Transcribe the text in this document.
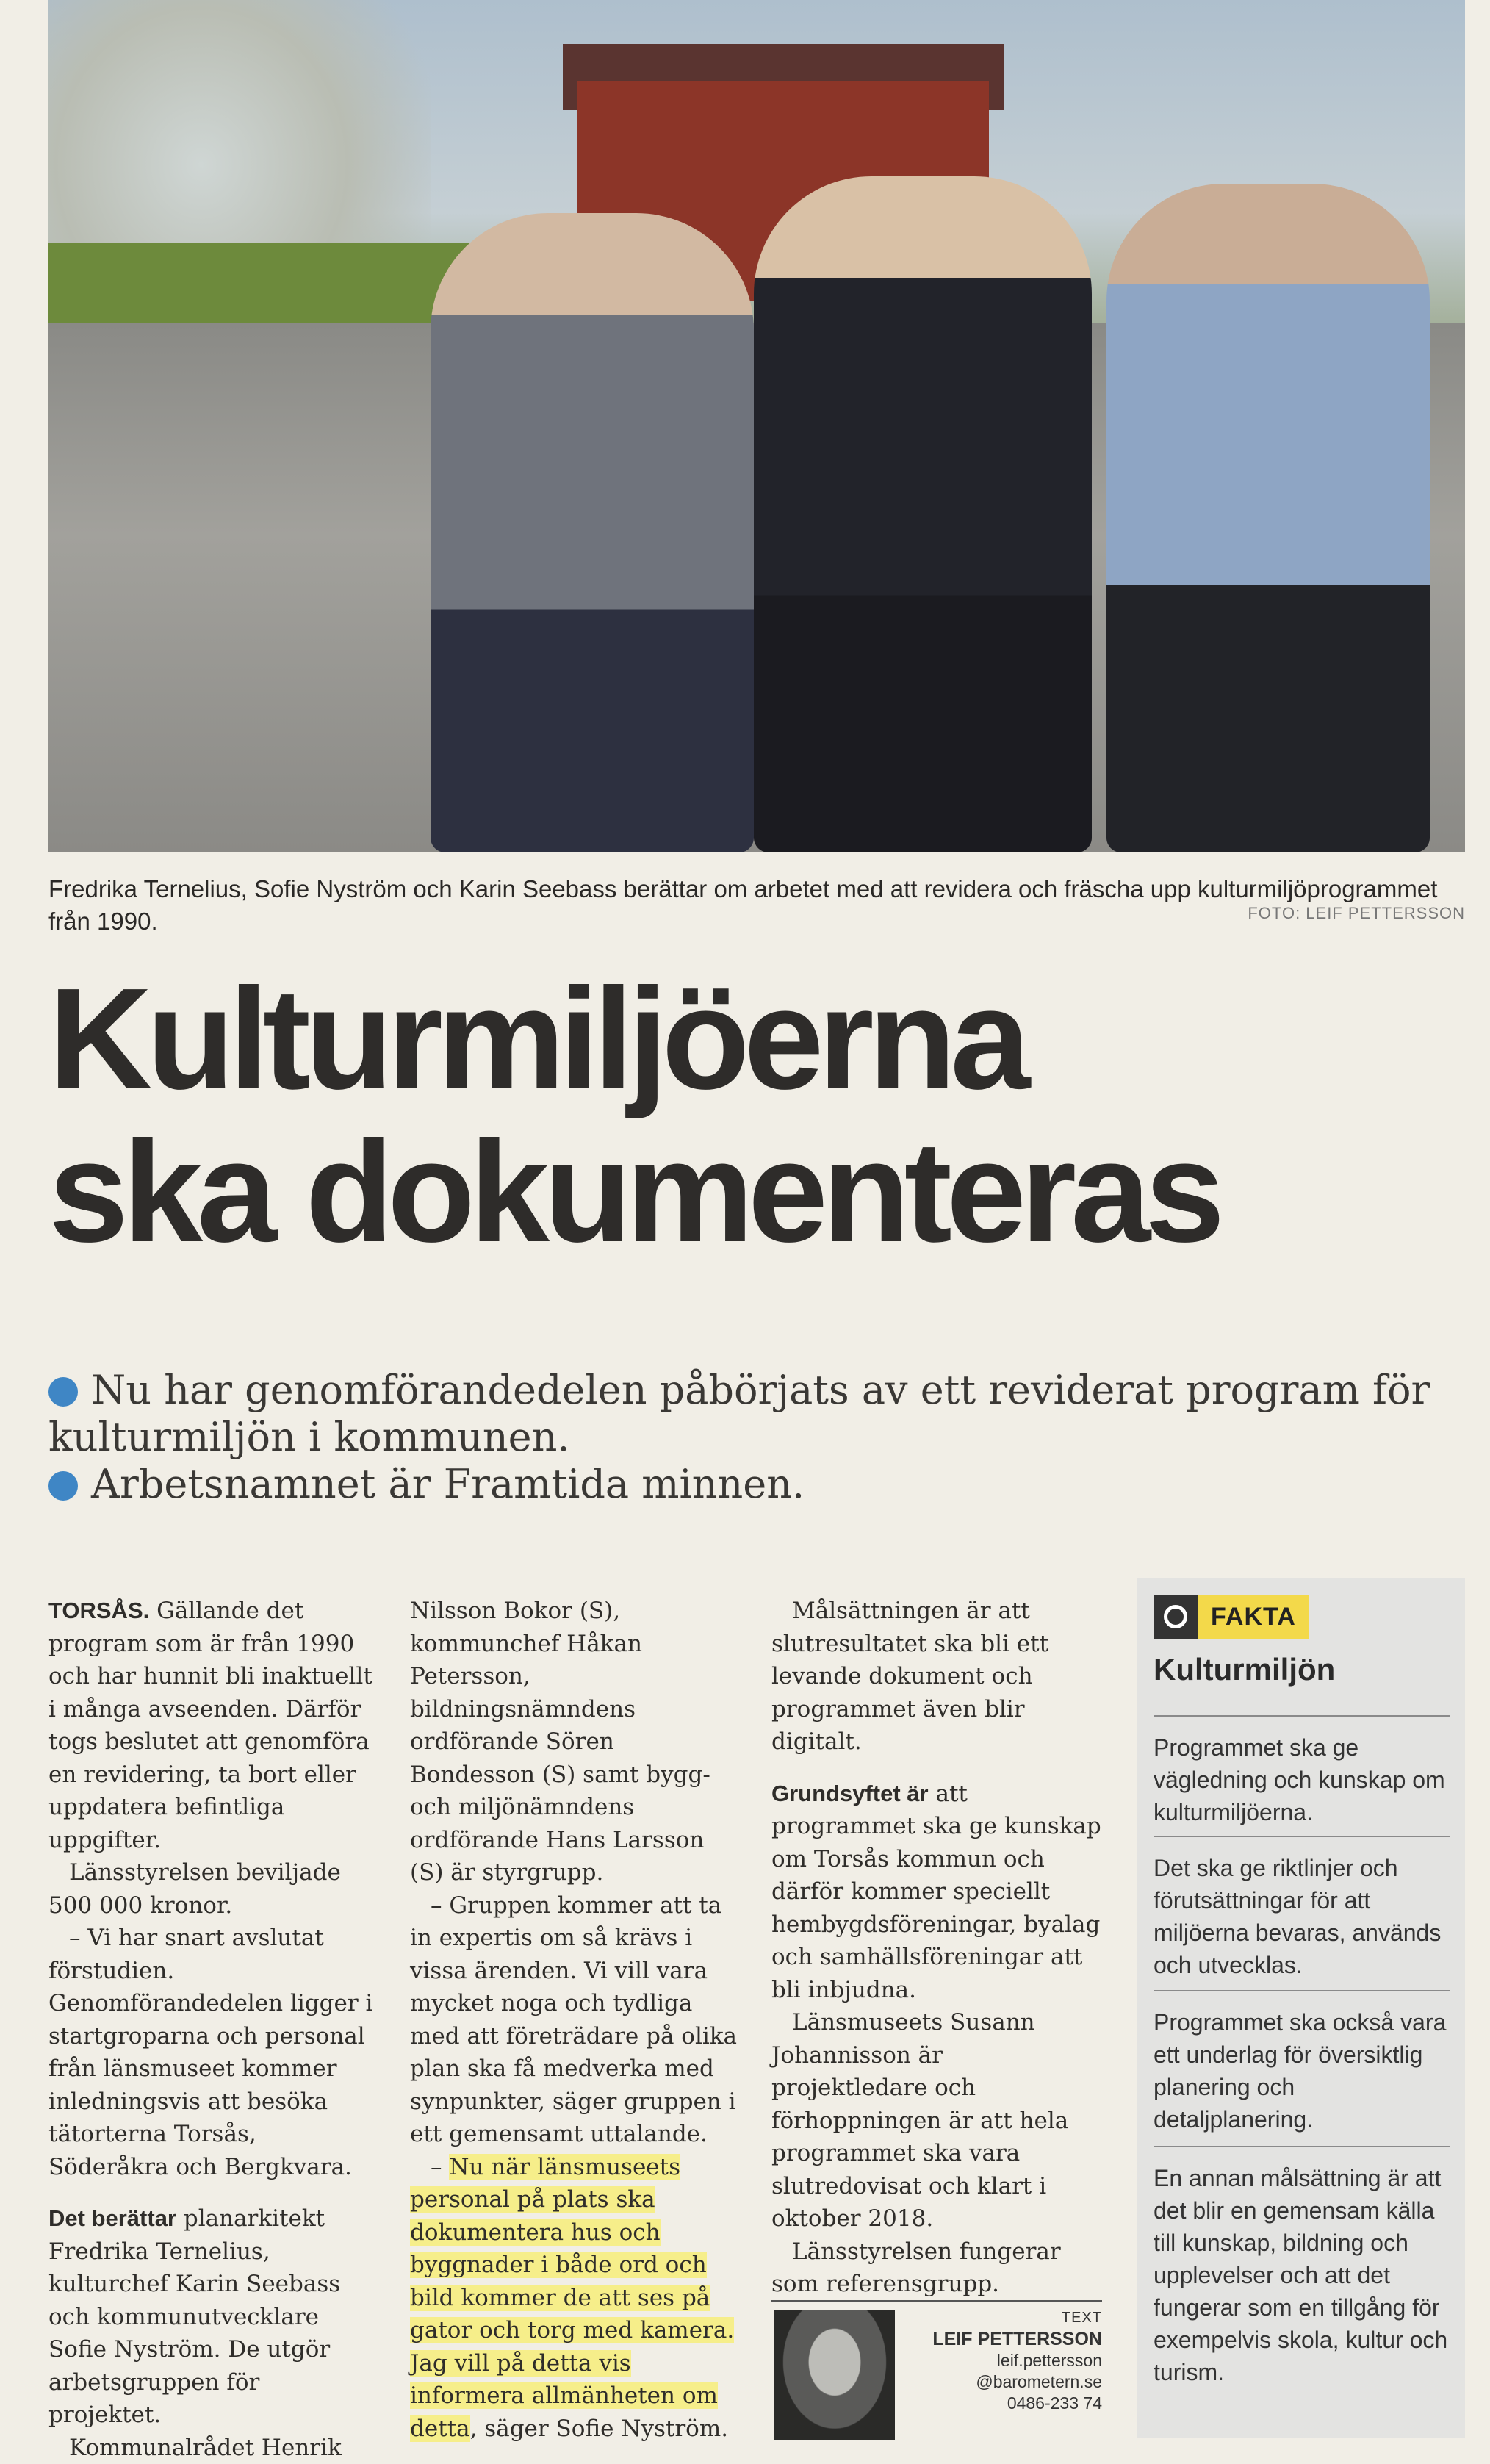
Fredrika Ternelius, Sofie Nyström och Karin Seebass berättar om arbetet med att revidera och fräscha upp kulturmiljöprogrammet från 1990.	FOTO: LEIF PETTERSSON
Kulturmiljöerna
ska dokumenteras
Nu har genomförandedelen påbörjats av ett reviderat program för kulturmiljön i kommunen.
Arbetsnamnet är Framtida minnen.

TORSÅS. Gällande det program som är från 1990 och har hunnit bli inaktuellt i många avseenden. Därför togs beslutet att genomföra en revidering, ta bort eller uppdatera befintliga uppgifter.

Länsstyrelsen beviljade 500 000 kronor.

– Vi har snart avslutat förstudien. Genomförandedelen ligger i startgroparna och personal från länsmuseet kommer inledningsvis att besöka tätorterna Torsås, Söderåkra och Bergkvara.

Det berättar planarkitekt Fredrika Ternelius, kulturchef Karin Seebass och kommunutvecklare Sofie Nyström. De utgör arbetsgruppen för projektet.

Kommunalrådet Henrik

Nilsson Bokor (S), kommunchef Håkan Petersson, bildningsnämndens ordförande Sören Bondesson (S) samt bygg- och miljönämndens ordförande Hans Larsson (S) är styrgrupp.

– Gruppen kommer att ta in expertis om så krävs i vissa ärenden. Vi vill vara mycket noga och tydliga med att företrädare på olika plan ska få medverka med synpunkter, säger gruppen i ett gemensamt uttalande.

– Nu när länsmuseets personal på plats ska dokumentera hus och byggnader i både ord och bild kommer de att ses på gator och torg med kamera. Jag vill på detta vis informera allmänheten om detta, säger Sofie Nyström.

Målsättningen är att slutresultatet ska bli ett levande dokument och programmet även blir digitalt.

Grundsyftet är att programmet ska ge kunskap om Torsås kommun och därför kommer speciellt hembygdsföreningar, byalag och samhällsföreningar att bli inbjudna.

Länsmuseets Susann Johannisson är projektledare och förhoppningen är att hela programmet ska vara slutredovisat och klart i oktober 2018.

Länsstyrelsen fungerar som referensgrupp.

TEXT
LEIF PETTERSSON
leif.pettersson
@barometern.se
0486-233 74
FAKTA
Kulturmiljön
Programmet ska ge vägledning och kunskap om kulturmiljöerna.
Det ska ge riktlinjer och förutsättningar för att miljöerna bevaras, används och utvecklas.
Programmet ska också vara ett underlag för översiktlig planering och detaljplanering.
En annan målsättning är att det blir en gemensam källa till kunskap, bildning och upplevelser och att det fungerar som en tillgång för exempelvis skola, kultur och turism.
